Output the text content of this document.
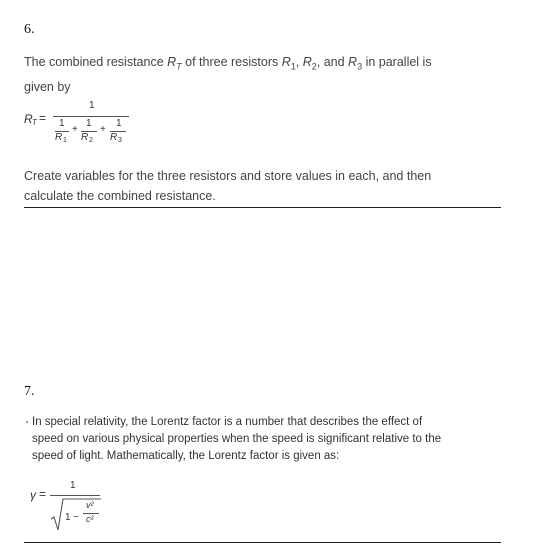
6.
The combined resistance $R_T$ of three resistors $R_1$, $R_2$, and $R_3$ in parallel is
given by
R T =
1
1
R 1
+
1
R 2
+
1
R 3
Create variables for the three resistors and store values in each, and then
calculate the combined resistance.
7.
In special relativity, the Lorentz factor is a number that describes the effect of
speed on various physical properties when the speed is significant relative to the
speed of light. Mathematically, the Lorentz factor is given as:
γ =
1
1 −
v²
c²
